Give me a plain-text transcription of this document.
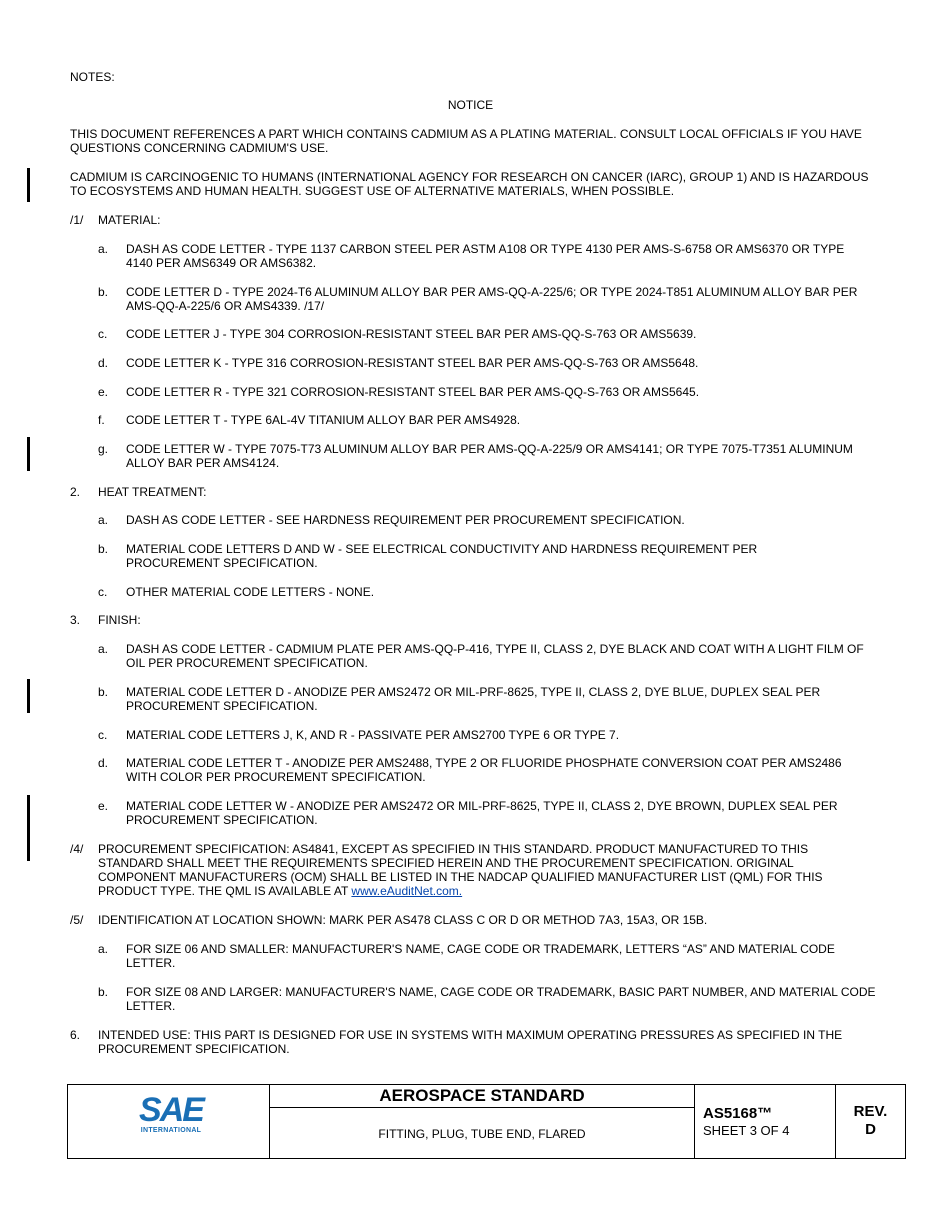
NOTES:
NOTICE
THIS DOCUMENT REFERENCES A PART WHICH CONTAINS CADMIUM AS A PLATING MATERIAL. CONSULT LOCAL OFFICIALS IF YOU HAVE QUESTIONS CONCERNING CADMIUM'S USE.
CADMIUM IS CARCINOGENIC TO HUMANS (INTERNATIONAL AGENCY FOR RESEARCH ON CANCER (IARC), GROUP 1) AND IS HAZARDOUS TO ECOSYSTEMS AND HUMAN HEALTH. SUGGEST USE OF ALTERNATIVE MATERIALS, WHEN POSSIBLE.
/1/ MATERIAL:
a. DASH AS CODE LETTER - TYPE 1137 CARBON STEEL PER ASTM A108 OR TYPE 4130 PER AMS-S-6758 OR AMS6370 OR TYPE 4140 PER AMS6349 OR AMS6382.
b. CODE LETTER D - TYPE 2024-T6 ALUMINUM ALLOY BAR PER AMS-QQ-A-225/6; OR TYPE 2024-T851 ALUMINUM ALLOY BAR PER AMS-QQ-A-225/6 OR AMS4339. /17/
c. CODE LETTER J - TYPE 304 CORROSION-RESISTANT STEEL BAR PER AMS-QQ-S-763 OR AMS5639.
d. CODE LETTER K - TYPE 316 CORROSION-RESISTANT STEEL BAR PER AMS-QQ-S-763 OR AMS5648.
e. CODE LETTER R - TYPE 321 CORROSION-RESISTANT STEEL BAR PER AMS-QQ-S-763 OR AMS5645.
f. CODE LETTER T - TYPE 6AL-4V TITANIUM ALLOY BAR PER AMS4928.
g. CODE LETTER W - TYPE 7075-T73 ALUMINUM ALLOY BAR PER AMS-QQ-A-225/9 OR AMS4141; OR TYPE 7075-T7351 ALUMINUM ALLOY BAR PER AMS4124.
2. HEAT TREATMENT:
a. DASH AS CODE LETTER - SEE HARDNESS REQUIREMENT PER PROCUREMENT SPECIFICATION.
b. MATERIAL CODE LETTERS D AND W - SEE ELECTRICAL CONDUCTIVITY AND HARDNESS REQUIREMENT PER PROCUREMENT SPECIFICATION.
c. OTHER MATERIAL CODE LETTERS - NONE.
3. FINISH:
a. DASH AS CODE LETTER - CADMIUM PLATE PER AMS-QQ-P-416, TYPE II, CLASS 2, DYE BLACK AND COAT WITH A LIGHT FILM OF OIL PER PROCUREMENT SPECIFICATION.
b. MATERIAL CODE LETTER D - ANODIZE PER AMS2472 OR MIL-PRF-8625, TYPE II, CLASS 2, DYE BLUE, DUPLEX SEAL PER PROCUREMENT SPECIFICATION.
c. MATERIAL CODE LETTERS J, K, AND R - PASSIVATE PER AMS2700 TYPE 6 OR TYPE 7.
d. MATERIAL CODE LETTER T - ANODIZE PER AMS2488, TYPE 2 OR FLUORIDE PHOSPHATE CONVERSION COAT PER AMS2486 WITH COLOR PER PROCUREMENT SPECIFICATION.
e. MATERIAL CODE LETTER W - ANODIZE PER AMS2472 OR MIL-PRF-8625, TYPE II, CLASS 2, DYE BROWN, DUPLEX SEAL PER PROCUREMENT SPECIFICATION.
/4/ PROCUREMENT SPECIFICATION: AS4841, EXCEPT AS SPECIFIED IN THIS STANDARD. PRODUCT MANUFACTURED TO THIS STANDARD SHALL MEET THE REQUIREMENTS SPECIFIED HEREIN AND THE PROCUREMENT SPECIFICATION. ORIGINAL COMPONENT MANUFACTURERS (OCM) SHALL BE LISTED IN THE NADCAP QUALIFIED MANUFACTURER LIST (QML) FOR THIS PRODUCT TYPE. THE QML IS AVAILABLE AT www.eAuditNet.com.
/5/ IDENTIFICATION AT LOCATION SHOWN: MARK PER AS478 CLASS C OR D OR METHOD 7A3, 15A3, OR 15B.
a. FOR SIZE 06 AND SMALLER: MANUFACTURER'S NAME, CAGE CODE OR TRADEMARK, LETTERS “AS” AND MATERIAL CODE LETTER.
b. FOR SIZE 08 AND LARGER: MANUFACTURER'S NAME, CAGE CODE OR TRADEMARK, BASIC PART NUMBER, AND MATERIAL CODE LETTER.
6. INTENDED USE: THIS PART IS DESIGNED FOR USE IN SYSTEMS WITH MAXIMUM OPERATING PRESSURES AS SPECIFIED IN THE PROCUREMENT SPECIFICATION.
SAE
INTERNATIONAL
AEROSPACE STANDARD
FITTING, PLUG, TUBE END, FLARED
AS5168™
SHEET 3 OF 4
REV.
D
